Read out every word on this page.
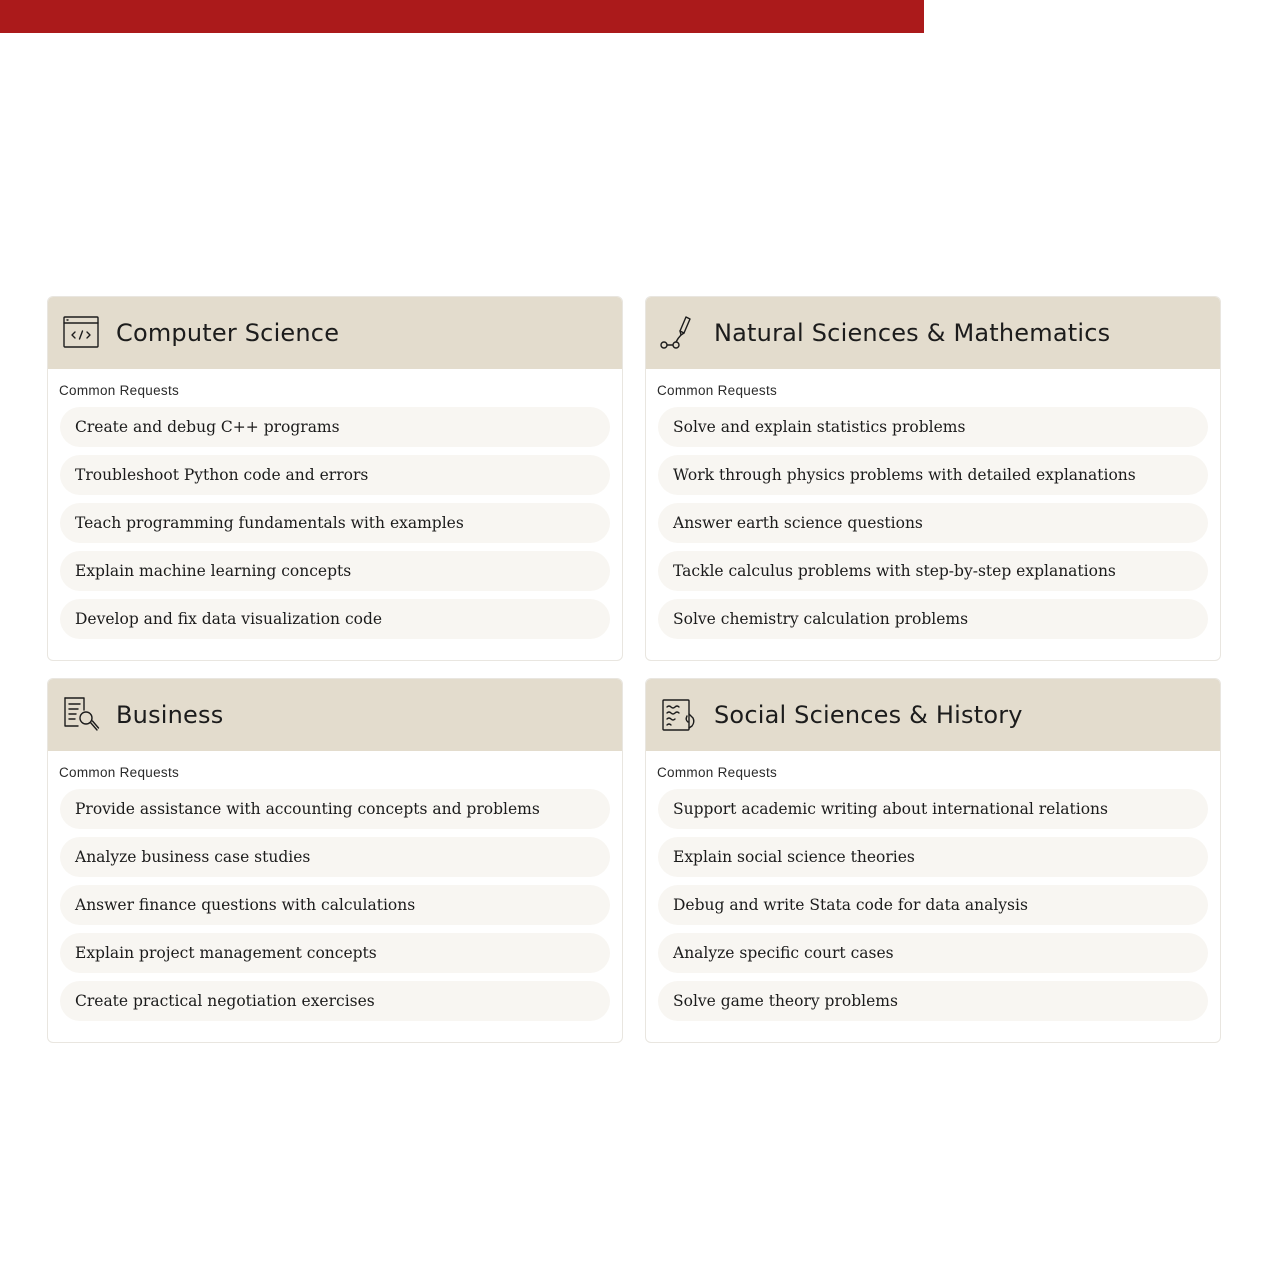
Computer Science
Common Requests
Create and debug C++ programs
Troubleshoot Python code and errors
Teach programming fundamentals with examples
Explain machine learning concepts
Develop and fix data visualization code
Natural Sciences & Mathematics
Common Requests
Solve and explain statistics problems
Work through physics problems with detailed explanations
Answer earth science questions
Tackle calculus problems with step-by-step explanations
Solve chemistry calculation problems
Business
Common Requests
Provide assistance with accounting concepts and problems
Analyze business case studies
Answer finance questions with calculations
Explain project management concepts
Create practical negotiation exercises
Social Sciences & History
Common Requests
Support academic writing about international relations
Explain social science theories
Debug and write Stata code for data analysis
Analyze specific court cases
Solve game theory problems
